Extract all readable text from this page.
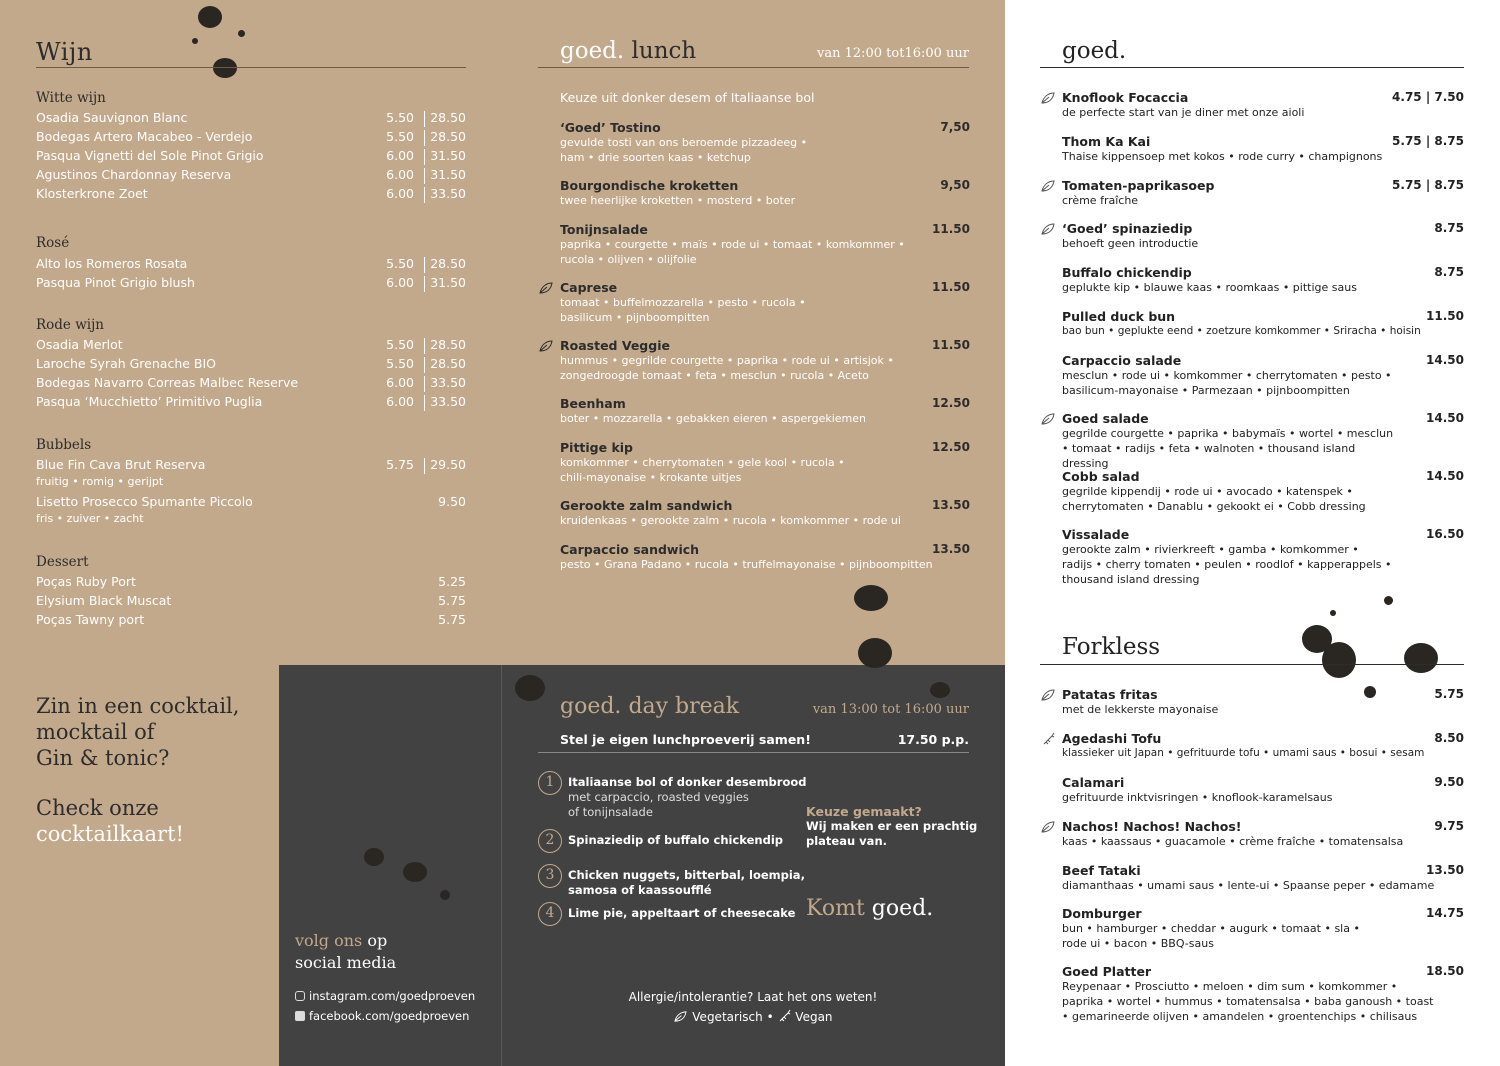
Wijn
Witte wijn
Osadia Sauvignon Blanc	5.50	28.50
Bodegas Artero Macabeo - Verdejo	5.50	28.50
Pasqua Vignetti del Sole Pinot Grigio	6.00	31.50
Agustinos Chardonnay Reserva	6.00	31.50
Klosterkrone Zoet	6.00	33.50
Rosé
Alto los Romeros Rosata	5.50	28.50
Pasqua Pinot Grigio blush	6.00	31.50
Rode wijn
Osadia Merlot	5.50	28.50
Laroche Syrah Grenache BIO	5.50	28.50
Bodegas Navarro Correas Malbec Reserve	6.00	33.50
Pasqua ‘Mucchietto’ Primitivo Puglia	6.00	33.50
Bubbels
Blue Fin Cava Brut Reserva	5.75	29.50
fruitig • romig • gerijpt
Lisetto Prosecco Spumante Piccolo	9.50
fris • zuiver • zacht
Dessert
Poças Ruby Port	5.25
Elysium Black Muscat	5.75
Poças Tawny port	5.75
Zin in een cocktail,
mocktail of
Gin & tonic?
Check onze
cocktailkaart!
volg ons op
social media
instagram.com/goedproeven
facebook.com/goedproeven
goed. lunch	van 12:00 tot16:00 uur
Keuze uit donker desem of Italiaanse bol
‘Goed’ Tostino
gevulde tosti van ons beroemde pizzadeeg • ham • drie soorten kaas • ketchup
7,50
Bourgondische kroketten
twee heerlijke kroketten • mosterd • boter
9,50
Tonijnsalade
paprika • courgette • maïs • rode ui • tomaat • komkommer • rucola • olijven • olijfolie
11.50
Caprese
tomaat • buffelmozzarella • pesto • rucola • basilicum • pijnboompitten
11.50
Roasted Veggie
hummus • gegrilde courgette • paprika • rode ui • artisjok • zongedroogde tomaat • feta • mesclun • rucola • Aceto
11.50
Beenham
boter • mozzarella • gebakken eieren • aspergekiemen
12.50
Pittige kip
komkommer • cherrytomaten • gele kool • rucola • chili-mayonaise • krokante uitjes
12.50
Gerookte zalm sandwich
kruidenkaas • gerookte zalm • rucola • komkommer • rode ui
13.50
Carpaccio sandwich
pesto • Grana Padano • rucola • truffelmayonaise • pijnboompitten
13.50
goed. day break	van 13:00 tot 16:00 uur
Stel je eigen lunchproeverij samen!	17.50 p.p.
1	Italiaanse bol of donker desembrood
met carpaccio, roasted veggies
of tonijnsalade
2	Spinaziedip of buffalo chickendip
3	Chicken nuggets, bitterbal, loempia,
samosa of kaassoufflé
4	Lime pie, appeltaart of cheesecake
Keuze gemaakt?
Wij maken er een prachtig
plateau van.
Komt goed.
Allergie/intolerantie? Laat het ons weten!
Vegetarisch • Vegan
goed.
Knoflook Focaccia
de perfecte start van je diner met onze aioli
4.75 | 7.50
Thom Ka Kai
Thaise kippensoep met kokos • rode curry • champignons
5.75 | 8.75
Tomaten-paprikasoep
crème fraîche
5.75 | 8.75
‘Goed’ spinaziedip
behoeft geen introductie
8.75
Buffalo chickendip
geplukte kip • blauwe kaas • roomkaas • pittige saus
8.75
Pulled duck bun
bao bun • geplukte eend • zoetzure komkommer • Sriracha • hoisin
11.50
Carpaccio salade
mesclun • rode ui • komkommer • cherrytomaten • pesto • basilicum-mayonaise • Parmezaan • pijnboompitten
14.50
Goed salade
gegrilde courgette • paprika • babymaïs • wortel • mesclun • tomaat • radijs • feta • walnoten • thousand island dressing
14.50
Cobb salad
gegrilde kippendij • rode ui • avocado • katenspek • cherrytomaten • Danablu • gekookt ei • Cobb dressing
14.50
Vissalade
gerookte zalm • rivierkreeft • gamba • komkommer • radijs • cherry tomaten • peulen • roodlof • kapperappels • thousand island dressing
16.50
Forkless
Patatas fritas
met de lekkerste mayonaise
5.75
Agedashi Tofu
klassieker uit Japan • gefrituurde tofu • umami saus • bosui • sesam
8.50
Calamari
gefrituurde inktvisringen • knoflook-karamelsaus
9.50
Nachos! Nachos! Nachos!
kaas • kaassaus • guacamole • crème fraîche • tomatensalsa
9.75
Beef Tataki
diamanthaas • umami saus • lente-ui • Spaanse peper • edamame
13.50
Domburger
bun • hamburger • cheddar • augurk • tomaat • sla • rode ui • bacon • BBQ-saus
14.75
Goed Platter
Reypenaar • Prosciutto • meloen • dim sum • komkommer • paprika • wortel • hummus • tomatensalsa • baba ganoush • toast • gemarineerde olijven • amandelen • groentenchips • chilisaus
18.50
